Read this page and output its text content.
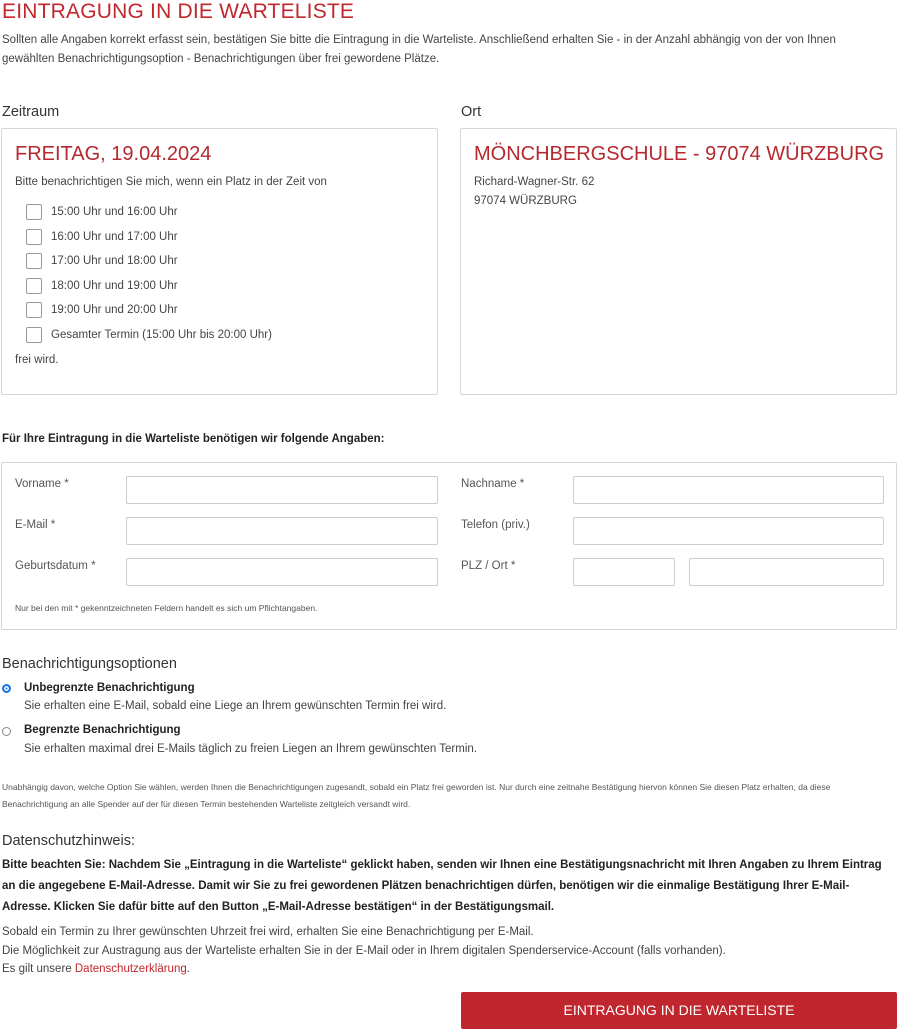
EINTRAGUNG IN DIE WARTELISTE
Sollten alle Angaben korrekt erfasst sein, bestätigen Sie bitte die Eintragung in die Warteliste. Anschließend erhalten Sie - in der Anzahl abhängig von der von Ihnen gewählten Benachrichtigungsoption - Benachrichtigungen über frei gewordene Plätze.
Zeitraum
FREITAG, 19.04.2024
Bitte benachrichtigen Sie mich, wenn ein Platz in der Zeit von
15:00 Uhr und 16:00 Uhr
16:00 Uhr und 17:00 Uhr
17:00 Uhr und 18:00 Uhr
18:00 Uhr und 19:00 Uhr
19:00 Uhr und 20:00 Uhr
Gesamter Termin (15:00 Uhr bis 20:00 Uhr)
frei wird.
Ort
MÖNCHBERGSCHULE - 97074 WÜRZBURG
Richard-Wagner-Str. 62
97074 WÜRZBURG
Für Ihre Eintragung in die Warteliste benötigen wir folgende Angaben:
Vorname *	Nachname *
E-Mail *	Telefon (priv.)
Geburtsdatum *	PLZ / Ort *
Nur bei den mit * gekenntzeichneten Feldern handelt es sich um Pflichtangaben.
Benachrichtigungsoptionen
Unbegrenzte Benachrichtigung
Sie erhalten eine E-Mail, sobald eine Liege an Ihrem gewünschten Termin frei wird.
Begrenzte Benachrichtigung
Sie erhalten maximal drei E-Mails täglich zu freien Liegen an Ihrem gewünschten Termin.
Unabhängig davon, welche Option Sie wählen, werden Ihnen die Benachrichtigungen zugesandt, sobald ein Platz frei geworden ist. Nur durch eine zeitnahe Bestätigung hiervon können Sie diesen Platz erhalten, da diese Benachrichtigung an alle Spender auf der für diesen Termin bestehenden Warteliste zeitgleich versandt wird.
Datenschutzhinweis:
Bitte beachten Sie: Nachdem Sie „Eintragung in die Warteliste“ geklickt haben, senden wir Ihnen eine Bestätigungsnachricht mit Ihren Angaben zu Ihrem Eintrag an die angegebene E-Mail-Adresse. Damit wir Sie zu frei gewordenen Plätzen benachrichtigen dürfen, benötigen wir die einmalige Bestätigung Ihrer E-Mail-Adresse. Klicken Sie dafür bitte auf den Button „E-Mail-Adresse bestätigen“ in der Bestätigungsmail.
Sobald ein Termin zu Ihrer gewünschten Uhrzeit frei wird, erhalten Sie eine Benachrichtigung per E-Mail.
Die Möglichkeit zur Austragung aus der Warteliste erhalten Sie in der E-Mail oder in Ihrem digitalen Spenderservice-Account (falls vorhanden).
Es gilt unsere Datenschutzerklärung.
EINTRAGUNG IN DIE WARTELISTE
